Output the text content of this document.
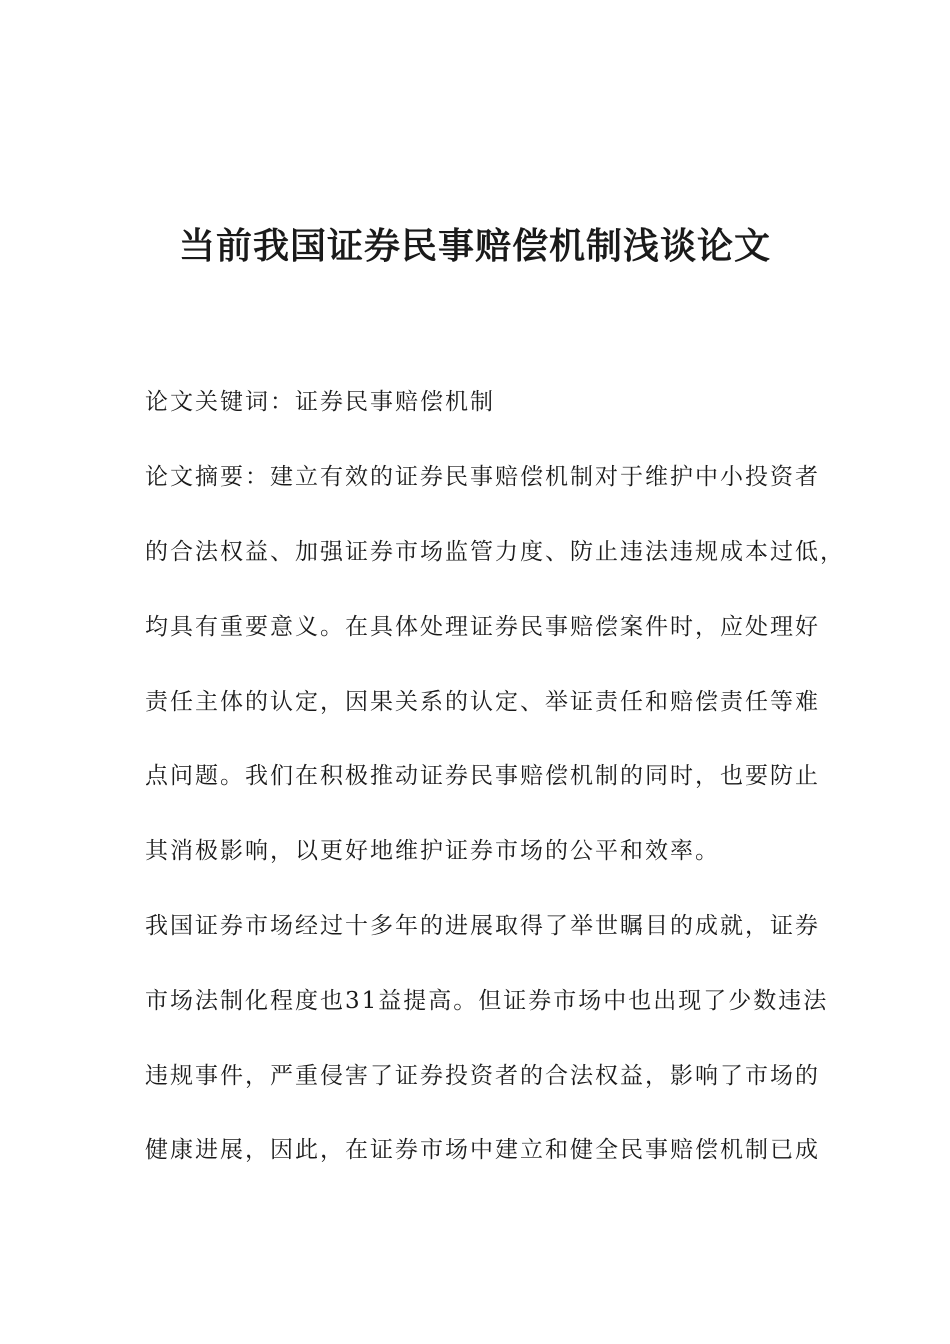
当前我国证券民事赔偿机制浅谈论文

论文关键词：证券民事赔偿机制

论文摘要：建立有效的证券民事赔偿机制对于维护中小投资者

的合法权益、加强证券市场监管力度、防止违法违规成本过低，

均具有重要意义。在具体处理证券民事赔偿案件时，应处理好

责任主体的认定，因果关系的认定、举证责任和赔偿责任等难

点问题。我们在积极推动证券民事赔偿机制的同时，也要防止

其消极影响，以更好地维护证券市场的公平和效率。

我国证券市场经过十多年的进展取得了举世瞩目的成就，证券

市场法制化程度也31益提高。但证券市场中也出现了少数违法

违规事件，严重侵害了证券投资者的合法权益，影响了市场的

健康进展，因此，在证券市场中建立和健全民事赔偿机制已成
